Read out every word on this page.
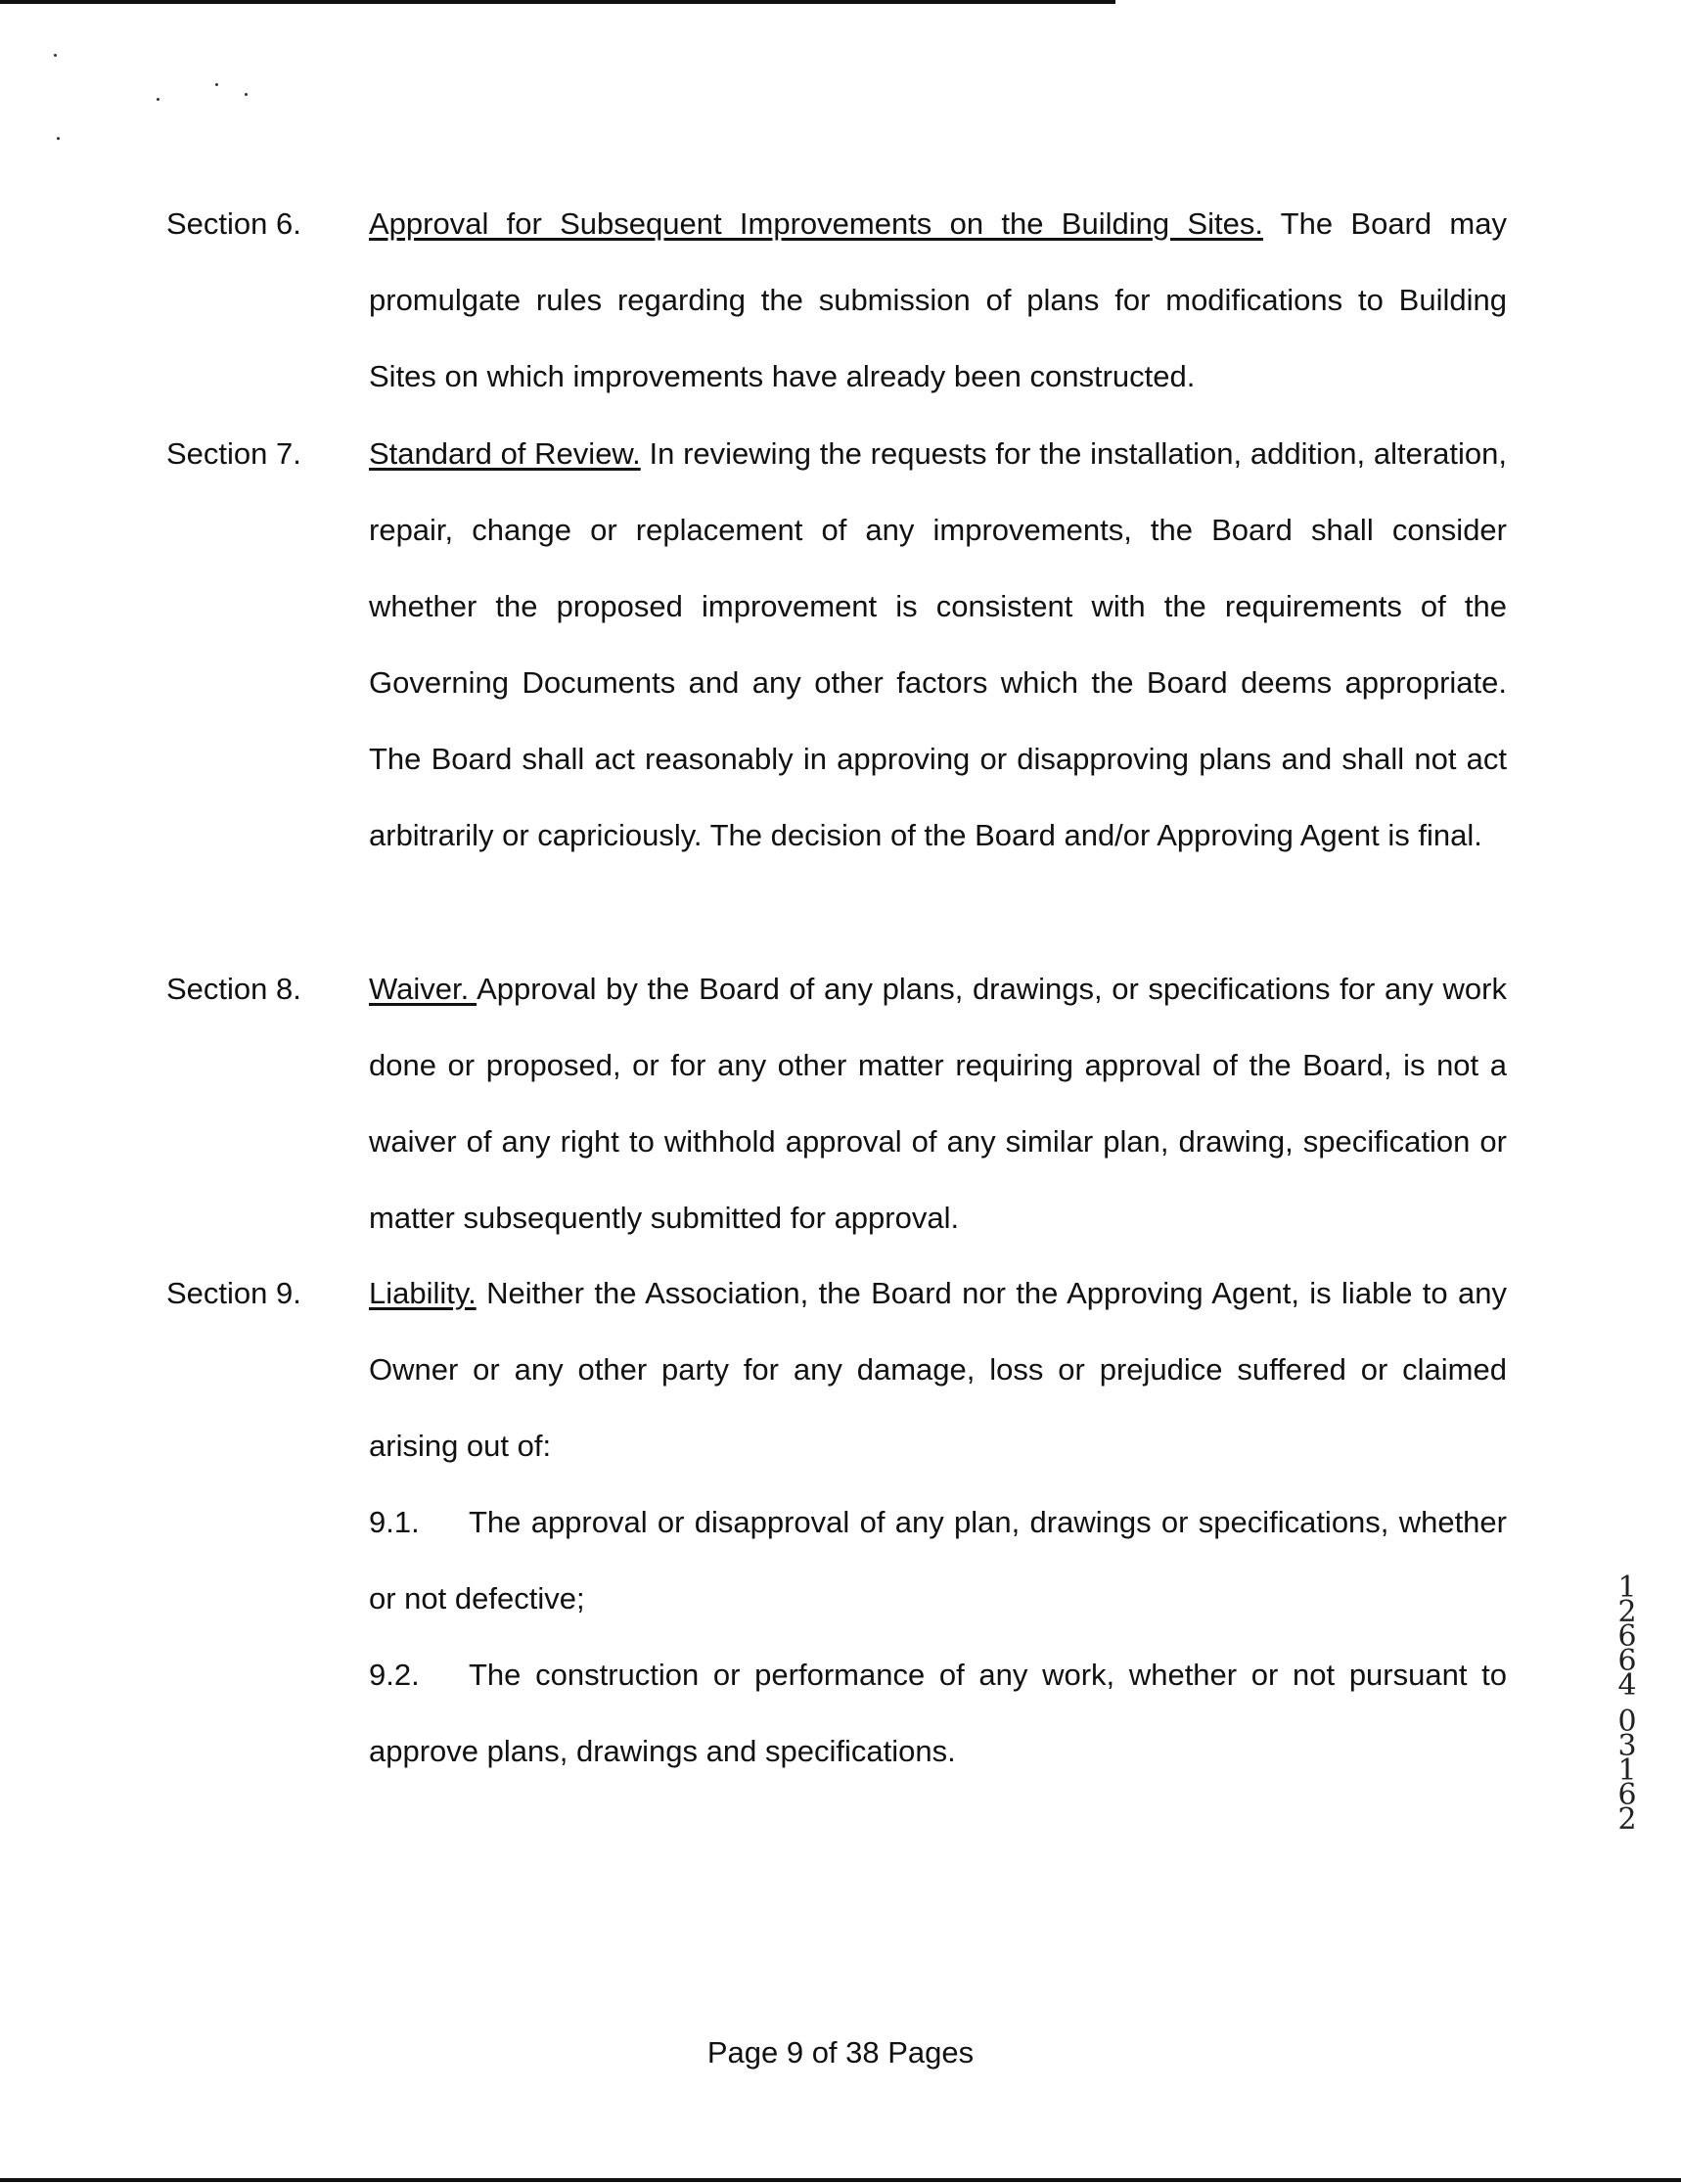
Section 6.	Approval for Subsequent Improvements on the Building Sites. The Board may promulgate rules regarding the submission of plans for modifications to Building Sites on which improvements have already been constructed.
Section 7.	Standard of Review. In reviewing the requests for the installation, addition, alteration, repair, change or replacement of any improvements, the Board shall consider whether the proposed improvement is consistent with the requirements of the Governing Documents and any other factors which the Board deems appropriate. The Board shall act reasonably in approving or disapproving plans and shall not act arbitrarily or capriciously. The decision of the Board and/or Approving Agent is final.
Section 8.	Waiver. Approval by the Board of any plans, drawings, or specifications for any work done or proposed, or for any other matter requiring approval of the Board, is not a waiver of any right to withhold approval of any similar plan, drawing, specification or matter subsequently submitted for approval.
Section 9.	Liability. Neither the Association, the Board nor the Approving Agent, is liable to any Owner or any other party for any damage, loss or prejudice suffered or claimed arising out of:
9.1. The approval or disapproval of any plan, drawings or specifications, whether or not defective;
9.2. The construction or performance of any work, whether or not pursuant to approve plans, drawings and specifications.
1
2
6
6
4
0
3
1
6
2
Page 9 of 38 Pages
